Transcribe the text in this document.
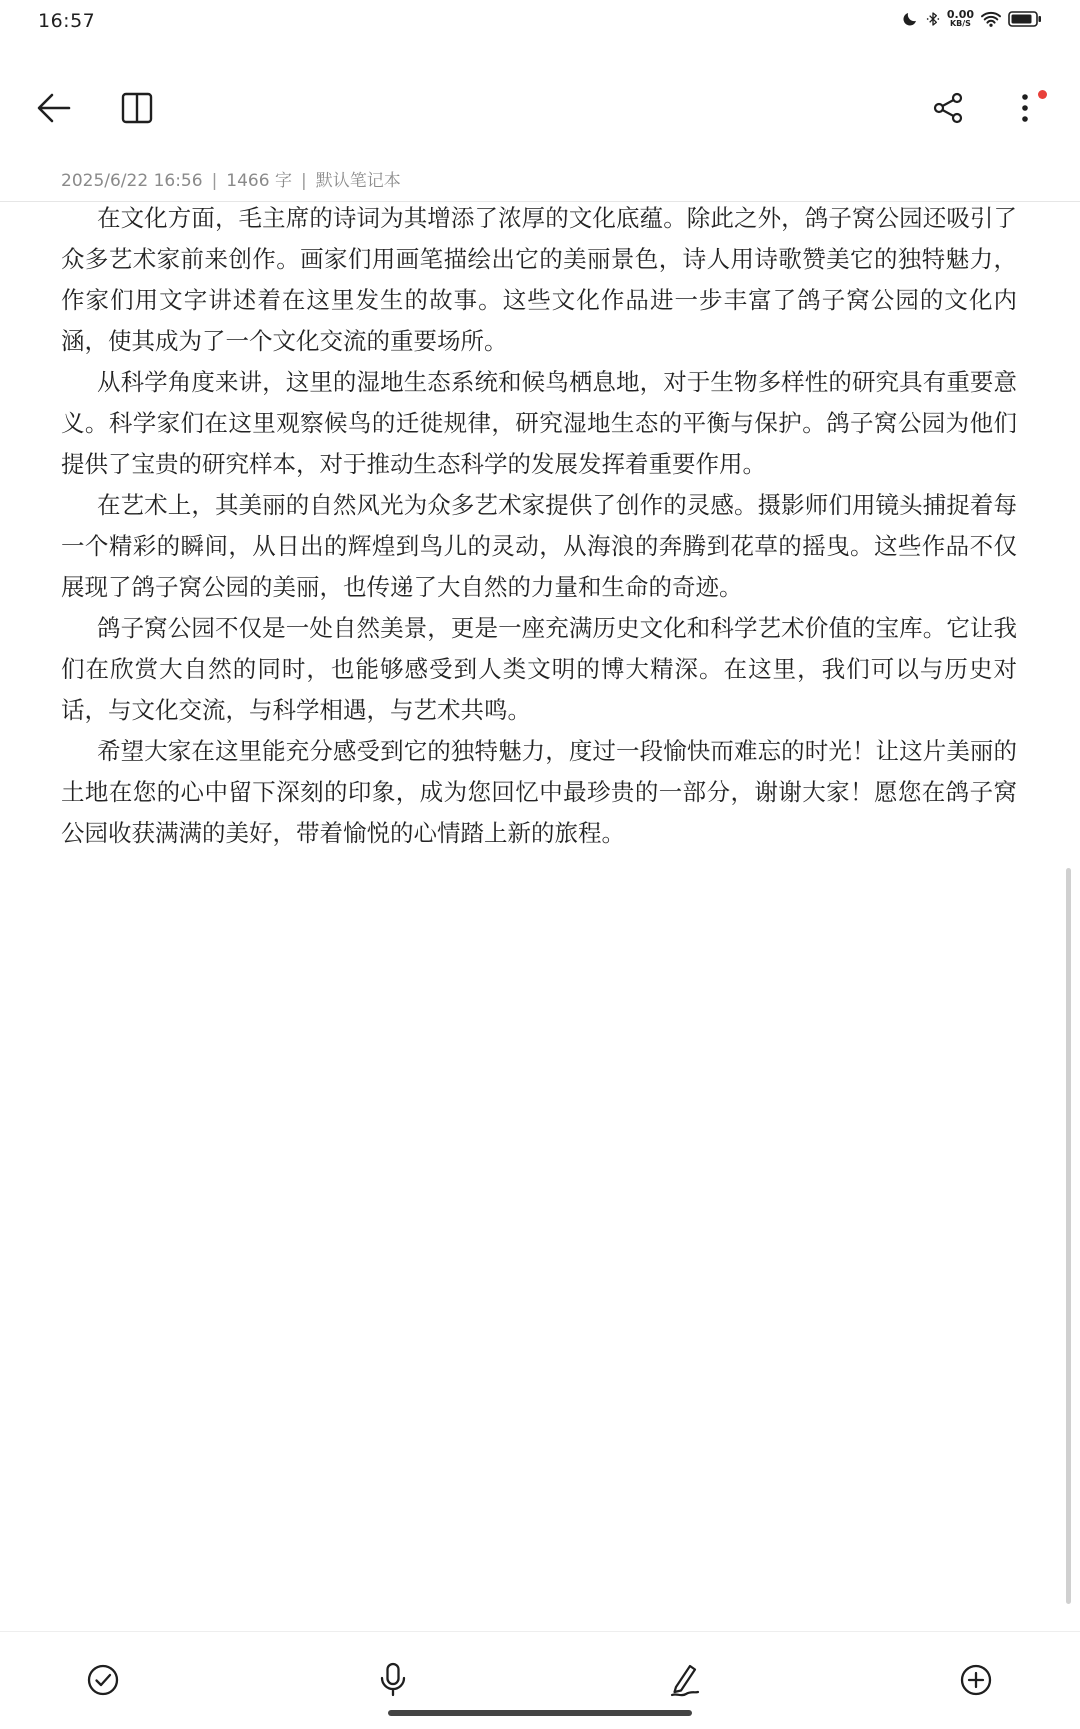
16:57	0.00
KB/S
2025/6/22 16:56 | 1466 字 | 默认笔记本

在文化方面，毛主席的诗词为其增添了浓厚的文化底蕴。除此之外，鸽子窝公园还吸引了众多艺术家前来创作。画家们用画笔描绘出它的美丽景色，诗人用诗歌赞美它的独特魅力，作家们用文字讲述着在这里发生的故事。这些文化作品进一步丰富了鸽子窝公园的文化内涵，使其成为了一个文化交流的重要场所。

从科学角度来讲，这里的湿地生态系统和候鸟栖息地，对于生物多样性的研究具有重要意义。科学家们在这里观察候鸟的迁徙规律，研究湿地生态的平衡与保护。鸽子窝公园为他们提供了宝贵的研究样本，对于推动生态科学的发展发挥着重要作用。

在艺术上，其美丽的自然风光为众多艺术家提供了创作的灵感。摄影师们用镜头捕捉着每一个精彩的瞬间，从日出的辉煌到鸟儿的灵动，从海浪的奔腾到花草的摇曳。这些作品不仅展现了鸽子窝公园的美丽，也传递了大自然的力量和生命的奇迹。

鸽子窝公园不仅是一处自然美景，更是一座充满历史文化和科学艺术价值的宝库。它让我们在欣赏大自然的同时，也能够感受到人类文明的博大精深。在这里，我们可以与历史对话，与文化交流，与科学相遇，与艺术共鸣。

希望大家在这里能充分感受到它的独特魅力，度过一段愉快而难忘的时光！让这片美丽的土地在您的心中留下深刻的印象，成为您回忆中最珍贵的一部分，谢谢大家！愿您在鸽子窝公园收获满满的美好，带着愉悦的心情踏上新的旅程。
